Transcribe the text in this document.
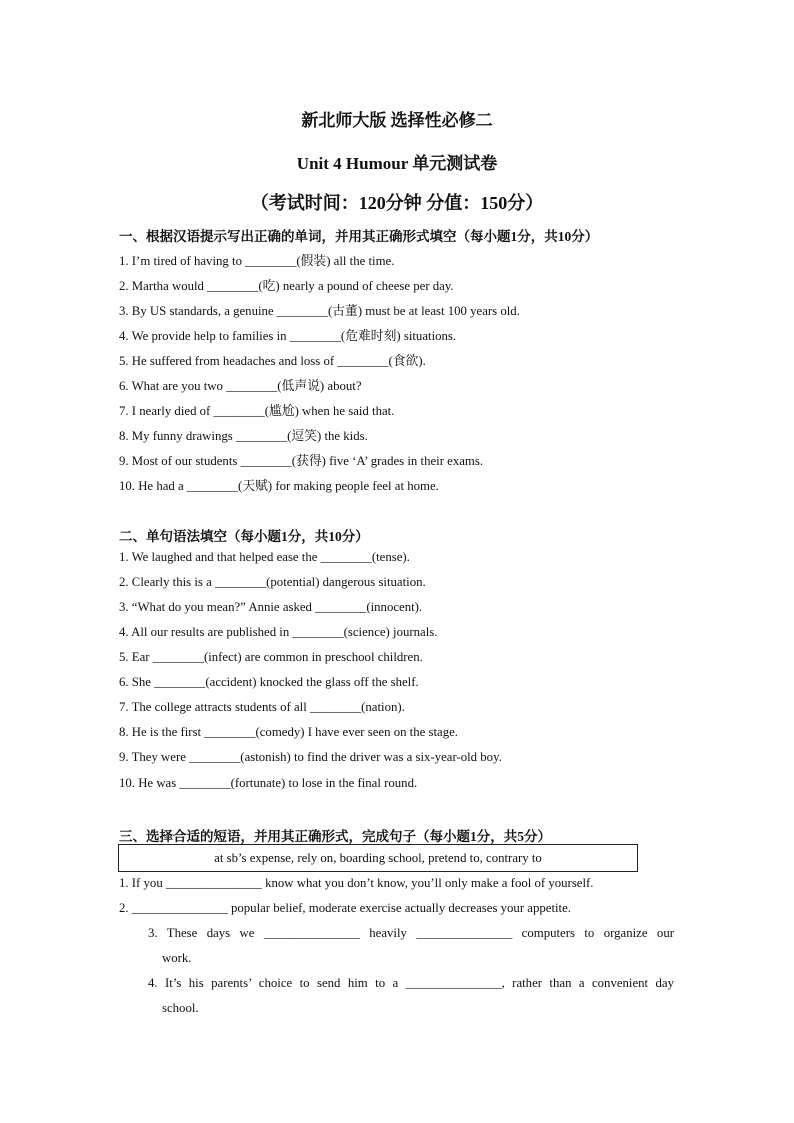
新北师大版 选择性必修二
Unit 4 Humour 单元测试卷
（考试时间：120分钟 分值：150分）
一、根据汉语提示写出正确的单词，并用其正确形式填空（每小题1分，共10分）
1. I’m tired of having to ________(假装) all the time.
2. Martha would ________(吃) nearly a pound of cheese per day.
3. By US standards, a genuine ________(古董) must be at least 100 years old.
4. We provide help to families in ________(危难时刻) situations.
5. He suffered from headaches and loss of ________(食欲).
6. What are you two ________(低声说) about?
7. I nearly died of ________(尴尬) when he said that.
8. My funny drawings ________(逗笑) the kids.
9. Most of our students ________(获得) five ‘A’ grades in their exams.
10. He had a ________(天赋) for making people feel at home.
二、单句语法填空（每小题1分，共10分）
1. We laughed and that helped ease the ________(tense).
2. Clearly this is a ________(potential) dangerous situation.
3. “What do you mean?” Annie asked ________(innocent).
4. All our results are published in ________(science) journals.
5. Ear ________(infect) are common in preschool children.
6. She ________(accident) knocked the glass off the shelf.
7. The college attracts students of all ________(nation).
8. He is the first ________(comedy) I have ever seen on the stage.
9. They were ________(astonish) to find the driver was a six-year-old boy.
10. He was ________(fortunate) to lose in the final round.
三、选择合适的短语，并用其正确形式，完成句子（每小题1分，共5分）
at sb’s expense, rely on, boarding school, pretend to, contrary to
1. If you _______________ know what you don’t know, you’ll only make a fool of yourself.
2. _______________ popular belief, moderate exercise actually decreases your appetite.
3. These days we _______________ heavily _______________ computers to organize our
work.
4. It’s his parents’ choice to send him to a _______________, rather than a convenient day
school.
